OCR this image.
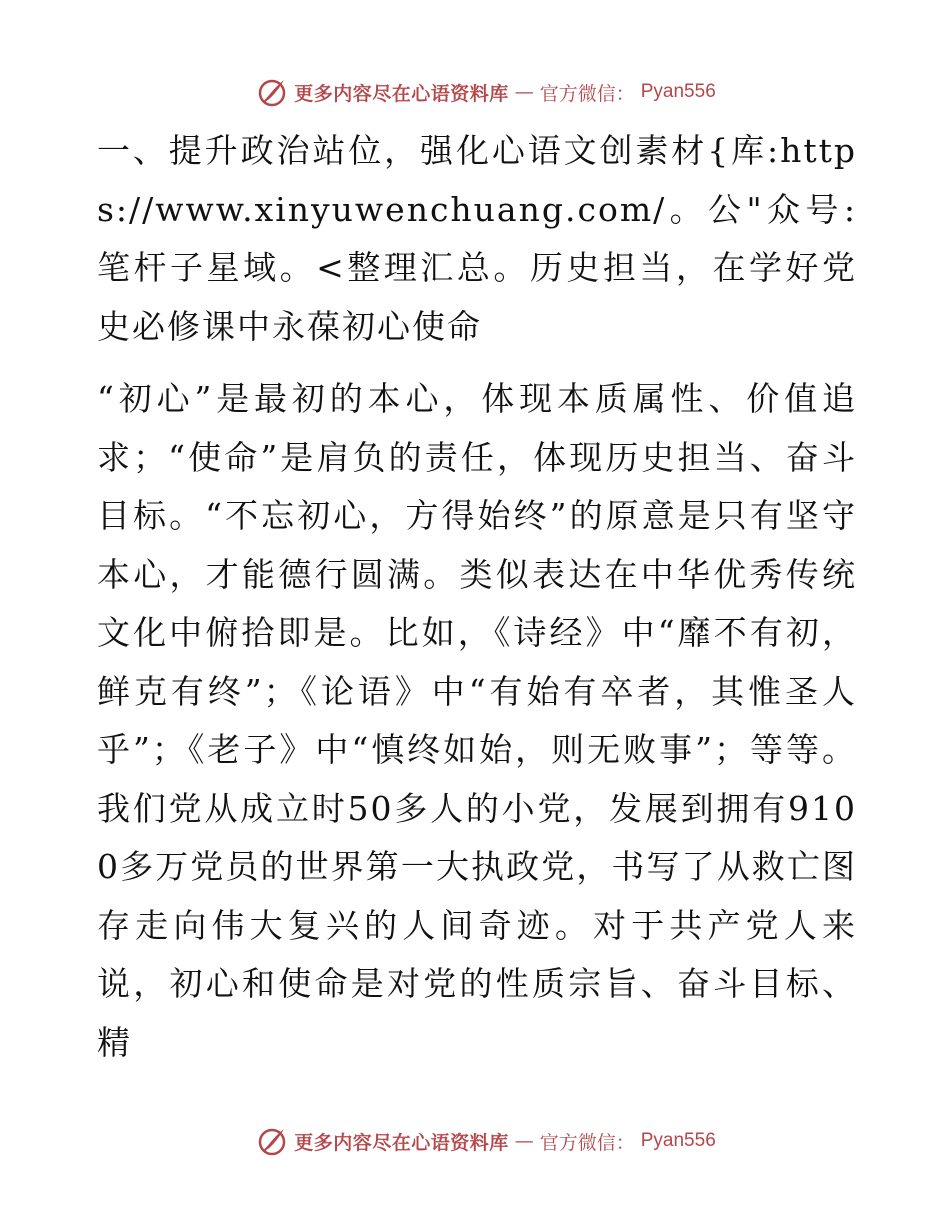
更多内容尽在心语资料库 — 官方微信： Pyan556

一、提升政治站位，强化心语文创素材{库:https://www.xinyuwenchuang.com/。公"众号:笔杆子星域。<整理汇总。历史担当，在学好党史必修课中永葆初心使命

“初心”是最初的本心，体现本质属性、价值追求；“使命”是肩负的责任，体现历史担当、奋斗目标。“不忘初心，方得始终”的原意是只有坚守本心，才能德行圆满。类似表达在中华优秀传统文化中俯拾即是。比如，《诗经》中“靡不有初，鲜克有终”；《论语》中“有始有卒者，其惟圣人乎”；《老子》中“慎终如始，则无败事”；等等。我们党从成立时50多人的小党，发展到拥有9100多万党员的世界第一大执政党，书写了从救亡图存走向伟大复兴的人间奇迹。对于共产党人来说，初心和使命是对党的性质宗旨、奋斗目标、精

更多内容尽在心语资料库 — 官方微信： Pyan556
